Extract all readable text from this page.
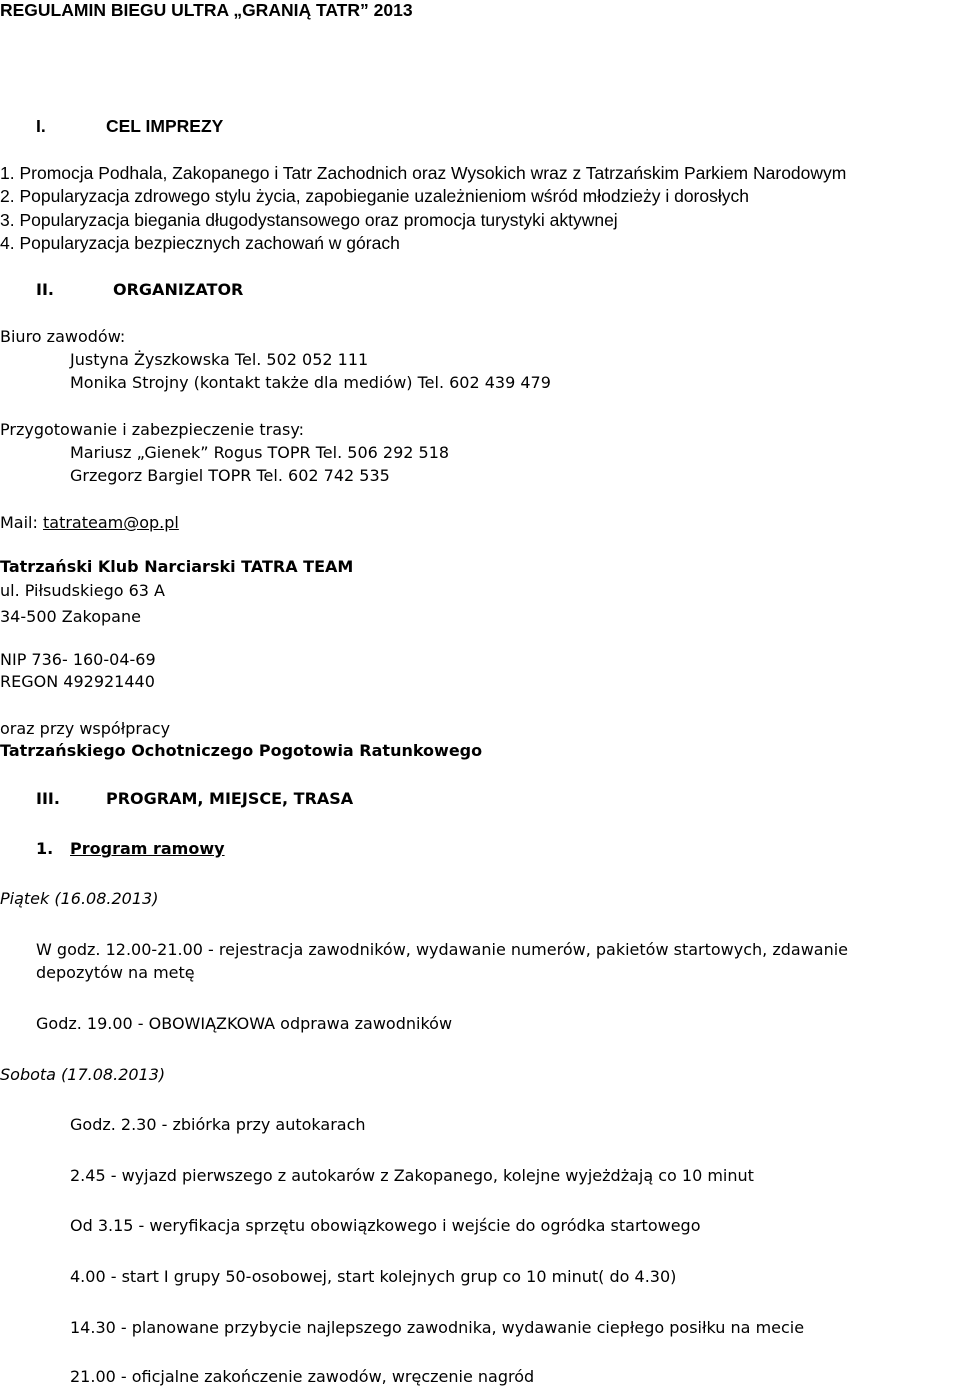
REGULAMIN BIEGU ULTRA „GRANIĄ TATR” 2013
I.	CEL IMPREZY
1. Promocja Podhala, Zakopanego i Tatr Zachodnich oraz Wysokich wraz z Tatrzańskim Parkiem Narodowym
2. Popularyzacja zdrowego stylu życia, zapobieganie uzależnieniom wśród młodzieży i dorosłych
3. Popularyzacja biegania długodystansowego oraz promocja turystyki aktywnej
4. Popularyzacja bezpiecznych zachowań w górach
II.	ORGANIZATOR
Biuro zawodów:
Justyna Żyszkowska Tel. 502 052 111
Monika Strojny (kontakt także dla mediów) Tel. 602 439 479
Przygotowanie i zabezpieczenie trasy:
Mariusz „Gienek” Rogus TOPR Tel. 506 292 518
Grzegorz Bargiel TOPR Tel. 602 742 535
Mail: tatrateam@op.pl
Tatrzański Klub Narciarski TATRA TEAM
ul. Piłsudskiego 63 A
34-500 Zakopane
NIP 736- 160-04-69
REGON 492921440
oraz przy współpracy
Tatrzańskiego Ochotniczego Pogotowia Ratunkowego
III.	PROGRAM, MIEJSCE, TRASA
1. Program ramowy
Piątek (16.08.2013)
W godz. 12.00-21.00 - rejestracja zawodników, wydawanie numerów, pakietów startowych, zdawanie
depozytów na metę
Godz. 19.00 - OBOWIĄZKOWA odprawa zawodników
Sobota (17.08.2013)
Godz. 2.30 - zbiórka przy autokarach
2.45 - wyjazd pierwszego z autokarów z Zakopanego, kolejne wyjeżdżają co 10 minut
Od 3.15 - weryfikacja sprzętu obowiązkowego i wejście do ogródka startowego
4.00 - start I grupy 50-osobowej, start kolejnych grup co 10 minut( do 4.30)
14.30 - planowane przybycie najlepszego zawodnika, wydawanie ciepłego posiłku na mecie
21.00 - oficjalne zakończenie zawodów, wręczenie nagród
